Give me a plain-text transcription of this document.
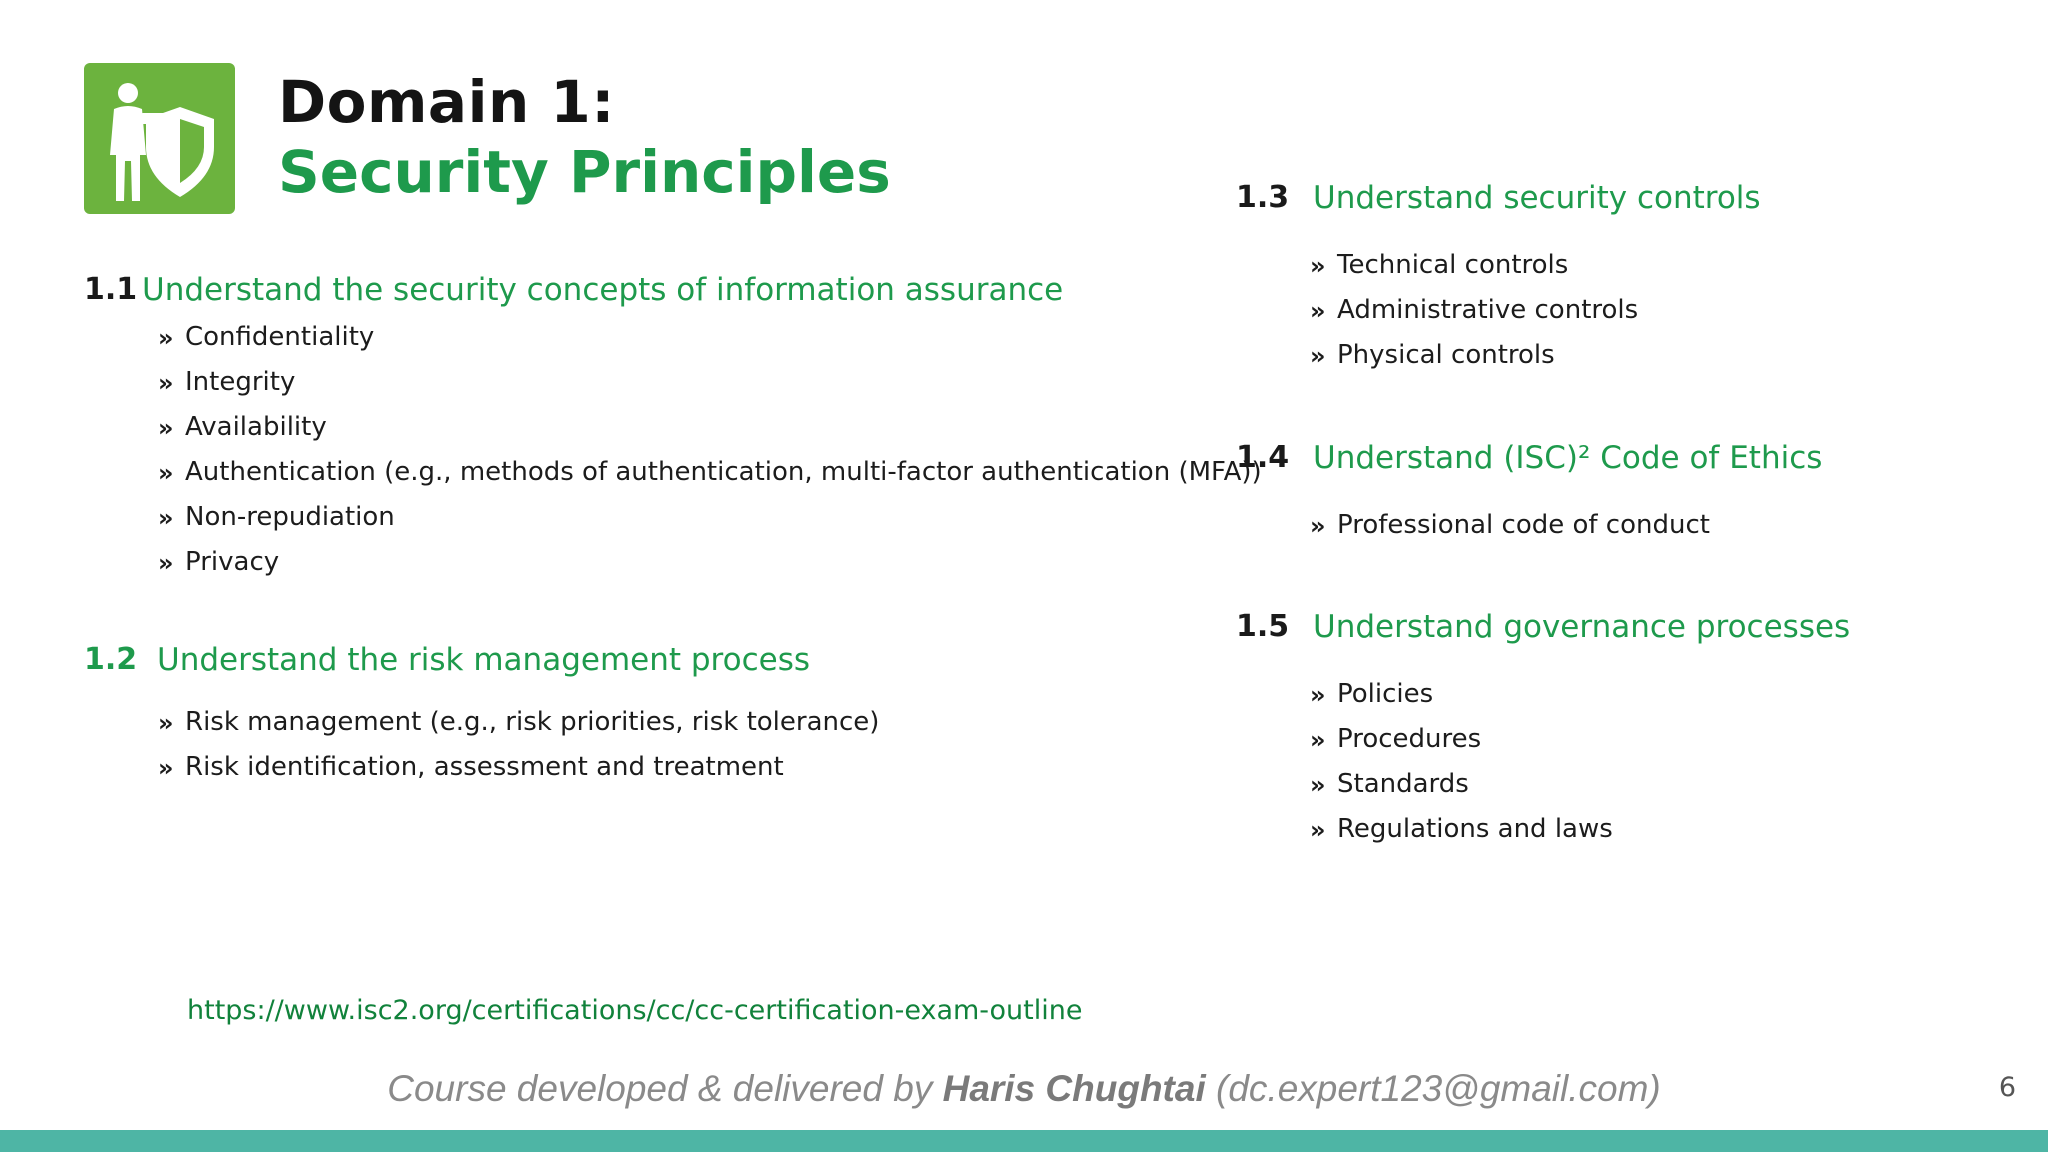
Domain 1:
Security Principles
1.1 Understand the security concepts of information assurance
» Confidentiality
» Integrity
» Availability
» Authentication (e.g., methods of authentication, multi-factor authentication (MFA))
» Non-repudiation
» Privacy
1.2 Understand the risk management process
» Risk management (e.g., risk priorities, risk tolerance)
» Risk identification, assessment and treatment
1.3 Understand security controls
» Technical controls
» Administrative controls
» Physical controls
1.4 Understand (ISC)² Code of Ethics
» Professional code of conduct
1.5 Understand governance processes
» Policies
» Procedures
» Standards
» Regulations and laws
https://www.isc2.org/certifications/cc/cc-certification-exam-outline
Course developed & delivered by Haris Chughtai (dc.expert123@gmail.com)	6
